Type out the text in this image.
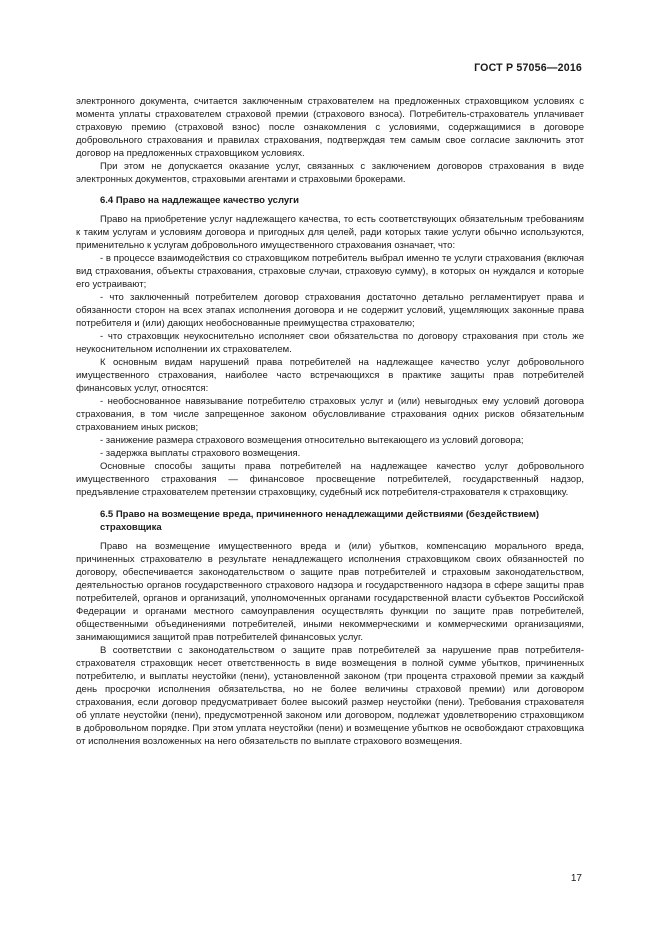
ГОСТ Р 57056—2016

электронного документа, считается заключенным страхователем на предложенных страховщиком условиях с момента уплаты страхователем страховой премии (страхового взноса). Потребитель-страхователь уплачивает страховую премию (страховой взнос) после ознакомления с условиями, содержащимися в договоре добровольного страхования и правилах страхования, подтверждая тем самым свое согласие заключить этот договор на предложенных страховщиком условиях.

При этом не допускается оказание услуг, связанных с заключением договоров страхования в виде электронных документов, страховыми агентами и страховыми брокерами.

6.4 Право на надлежащее качество услуги

Право на приобретение услуг надлежащего качества, то есть соответствующих обязательным требованиям к таким услугам и условиям договора и пригодных для целей, ради которых такие услуги обычно используются, применительно к услугам добровольного имущественного страхования означает, что:

- в процессе взаимодействия со страховщиком потребитель выбрал именно те услуги страхования (включая вид страхования, объекты страхования, страховые случаи, страховую сумму), в которых он нуждался и которые его устраивают;

- что заключенный потребителем договор страхования достаточно детально регламентирует права и обязанности сторон на всех этапах исполнения договора и не содержит условий, ущемляющих законные права потребителя и (или) дающих необоснованные преимущества страхователю;

- что страховщик неукоснительно исполняет свои обязательства по договору страхования при столь же неукоснительном исполнении их страхователем.

К основным видам нарушений права потребителей на надлежащее качество услуг добровольного имущественного страхования, наиболее часто встречающихся в практике защиты прав потребителей финансовых услуг, относятся:

- необоснованное навязывание потребителю страховых услуг и (или) невыгодных ему условий договора страхования, в том числе запрещенное законом обусловливание страхования одних рисков обязательным страхованием иных рисков;

- занижение размера страхового возмещения относительно вытекающего из условий договора;

- задержка выплаты страхового возмещения.

Основные способы защиты права потребителей на надлежащее качество услуг добровольного имущественного страхования — финансовое просвещение потребителей, государственный надзор, предъявление страхователем претензии страховщику, судебный иск потребителя-страхователя к страховщику.

6.5 Право на возмещение вреда, причиненного ненадлежащими действиями (бездействием) страховщика

Право на возмещение имущественного вреда и (или) убытков, компенсацию морального вреда, причиненных страхователю в результате ненадлежащего исполнения страховщиком своих обязанностей по договору, обеспечивается законодательством о защите прав потребителей и страховым законодательством, деятельностью органов государственного страхового надзора и государственного надзора в сфере защиты прав потребителей, органов и организаций, уполномоченных органами государственной власти субъектов Российской Федерации и органами местного самоуправления осуществлять функции по защите прав потребителей, общественными объединениями потребителей, иными некоммерческими и коммерческими организациями, занимающимися защитой прав потребителей финансовых услуг.

В соответствии с законодательством о защите прав потребителей за нарушение прав потребителя-страхователя страховщик несет ответственность в виде возмещения в полной сумме убытков, причиненных потребителю, и выплаты неустойки (пени), установленной законом (три процента страховой премии за каждый день просрочки исполнения обязательства, но не более величины страховой премии) или договором страхования, если договор предусматривает более высокий размер неустойки (пени). Требования страхователя об уплате неустойки (пени), предусмотренной законом или договором, подлежат удовлетворению страховщиком в добровольном порядке. При этом уплата неустойки (пени) и возмещение убытков не освобождают страховщика от исполнения возложенных на него обязательств по выплате страхового возмещения.

17
